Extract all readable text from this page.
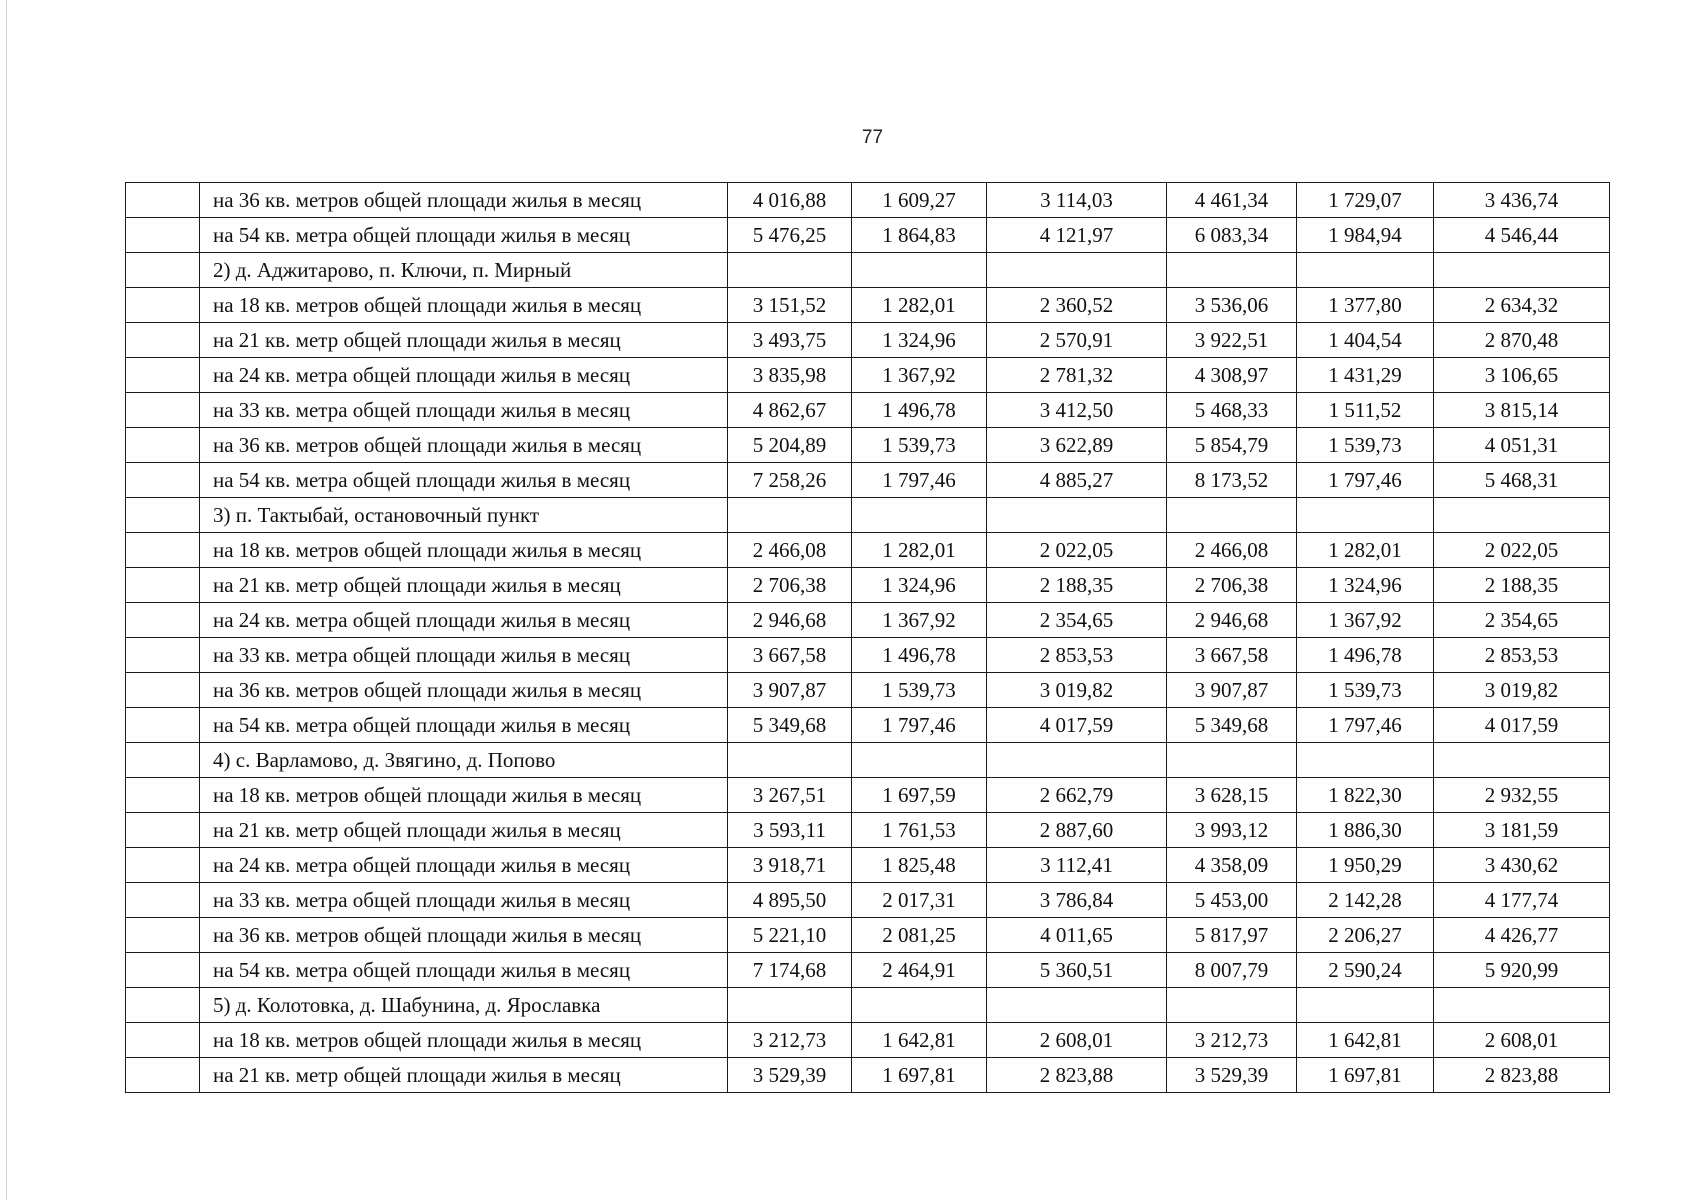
77
	на 36 кв. метров общей площади жилья в месяц	4 016,88	1 609,27	3 114,03	4 461,34	1 729,07	3 436,74
	на 54 кв. метра общей площади жилья в месяц	5 476,25	1 864,83	4 121,97	6 083,34	1 984,94	4 546,44
	2) д. Аджитарово, п. Ключи, п. Мирный						
	на 18 кв. метров общей площади жилья в месяц	3 151,52	1 282,01	2 360,52	3 536,06	1 377,80	2 634,32
	на 21 кв. метр общей площади жилья в месяц	3 493,75	1 324,96	2 570,91	3 922,51	1 404,54	2 870,48
	на 24 кв. метра общей площади жилья в месяц	3 835,98	1 367,92	2 781,32	4 308,97	1 431,29	3 106,65
	на 33 кв. метра общей площади жилья в месяц	4 862,67	1 496,78	3 412,50	5 468,33	1 511,52	3 815,14
	на 36 кв. метров общей площади жилья в месяц	5 204,89	1 539,73	3 622,89	5 854,79	1 539,73	4 051,31
	на 54 кв. метра общей площади жилья в месяц	7 258,26	1 797,46	4 885,27	8 173,52	1 797,46	5 468,31
	3) п. Тактыбай, остановочный пункт						
	на 18 кв. метров общей площади жилья в месяц	2 466,08	1 282,01	2 022,05	2 466,08	1 282,01	2 022,05
	на 21 кв. метр общей площади жилья в месяц	2 706,38	1 324,96	2 188,35	2 706,38	1 324,96	2 188,35
	на 24 кв. метра общей площади жилья в месяц	2 946,68	1 367,92	2 354,65	2 946,68	1 367,92	2 354,65
	на 33 кв. метра общей площади жилья в месяц	3 667,58	1 496,78	2 853,53	3 667,58	1 496,78	2 853,53
	на 36 кв. метров общей площади жилья в месяц	3 907,87	1 539,73	3 019,82	3 907,87	1 539,73	3 019,82
	на 54 кв. метра общей площади жилья в месяц	5 349,68	1 797,46	4 017,59	5 349,68	1 797,46	4 017,59
	4) с. Варламово, д. Звягино, д. Попово						
	на 18 кв. метров общей площади жилья в месяц	3 267,51	1 697,59	2 662,79	3 628,15	1 822,30	2 932,55
	на 21 кв. метр общей площади жилья в месяц	3 593,11	1 761,53	2 887,60	3 993,12	1 886,30	3 181,59
	на 24 кв. метра общей площади жилья в месяц	3 918,71	1 825,48	3 112,41	4 358,09	1 950,29	3 430,62
	на 33 кв. метра общей площади жилья в месяц	4 895,50	2 017,31	3 786,84	5 453,00	2 142,28	4 177,74
	на 36 кв. метров общей площади жилья в месяц	5 221,10	2 081,25	4 011,65	5 817,97	2 206,27	4 426,77
	на 54 кв. метра общей площади жилья в месяц	7 174,68	2 464,91	5 360,51	8 007,79	2 590,24	5 920,99
	5) д. Колотовка, д. Шабунина, д. Ярославка						
	на 18 кв. метров общей площади жилья в месяц	3 212,73	1 642,81	2 608,01	3 212,73	1 642,81	2 608,01
	на 21 кв. метр общей площади жилья в месяц	3 529,39	1 697,81	2 823,88	3 529,39	1 697,81	2 823,88
